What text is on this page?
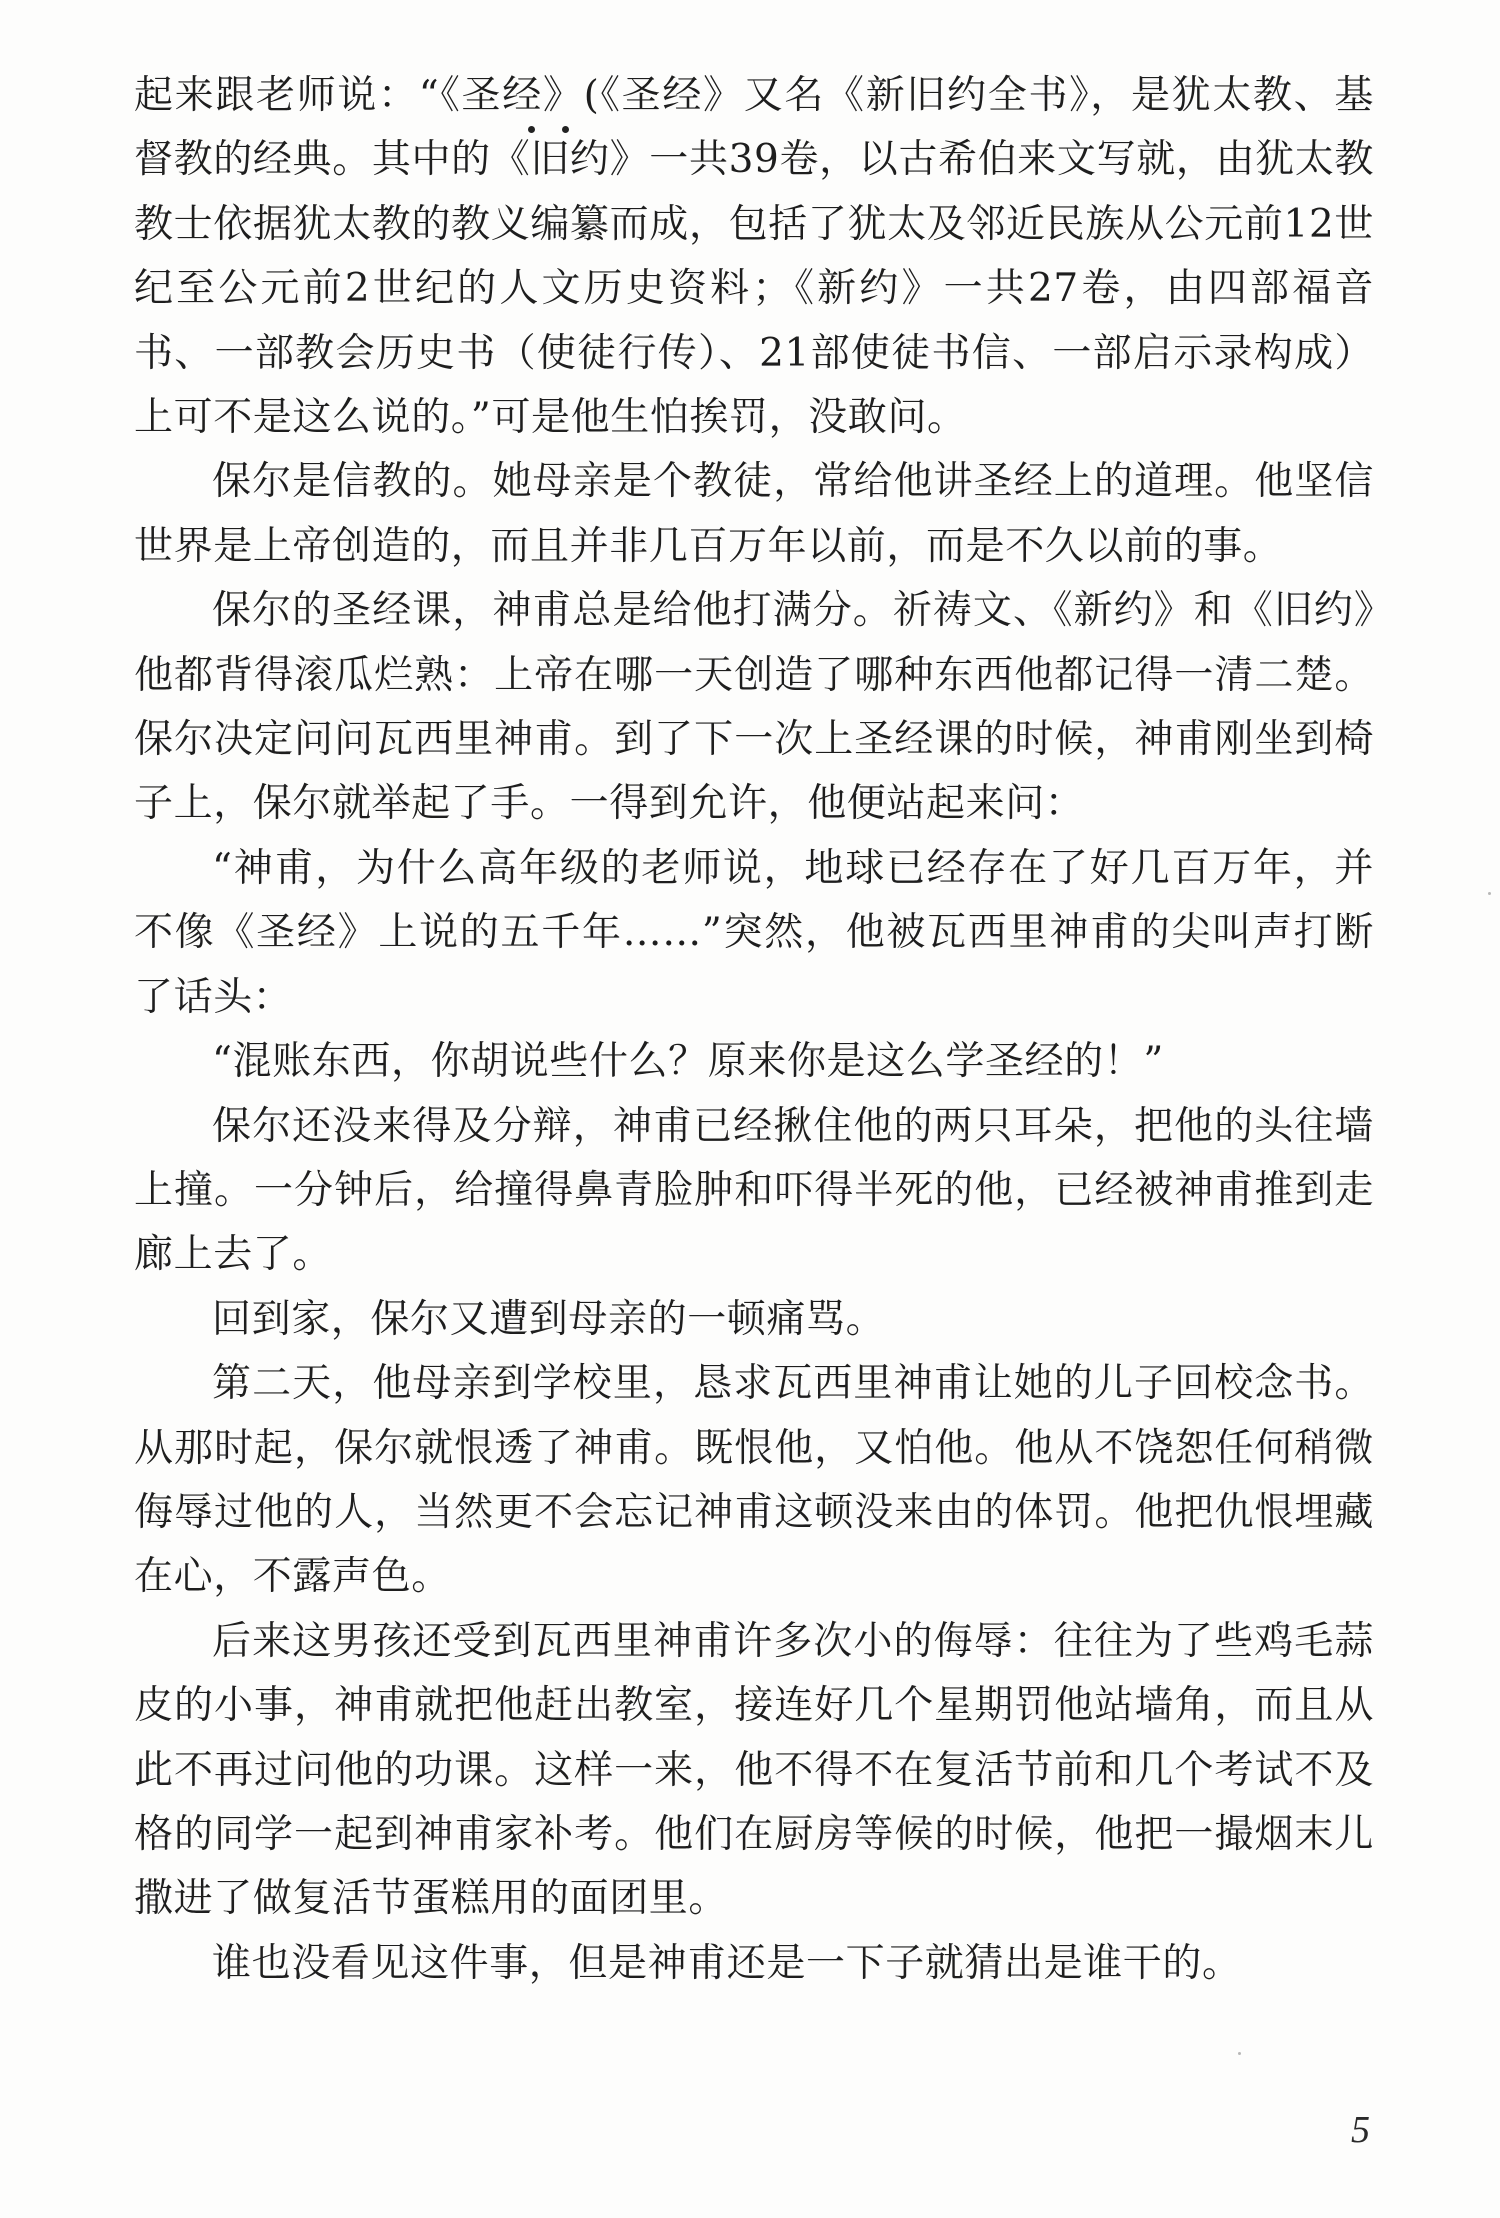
起来跟老师说：“《圣经》(《圣经》又名《新旧约全书》，是犹太教、基督教的经典。其中的《旧约》一共39卷，以古希伯来文写就，由犹太教教士依据犹太教的教义编纂而成，包括了犹太及邻近民族从公元前12世纪至公元前2世纪的人文历史资料；《新约》一共27卷，由四部福音书、一部教会历史书（使徒行传）、21部使徒书信、一部启示录构成）上可不是这么说的。”可是他生怕挨罚，没敢问。

保尔是信教的。她母亲是个教徒，常给他讲圣经上的道理。他坚信世界是上帝创造的，而且并非几百万年以前，而是不久以前的事。

保尔的圣经课，神甫总是给他打满分。祈祷文、《新约》和《旧约》他都背得滚瓜烂熟：上帝在哪一天创造了哪种东西他都记得一清二楚。保尔决定问问瓦西里神甫。到了下一次上圣经课的时候，神甫刚坐到椅子上，保尔就举起了手。一得到允许，他便站起来问：

“神甫，为什么高年级的老师说，地球已经存在了好几百万年，并不像《圣经》上说的五千年……”突然，他被瓦西里神甫的尖叫声打断了话头：

“混账东西，你胡说些什么？原来你是这么学圣经的！”

保尔还没来得及分辩，神甫已经揪住他的两只耳朵，把他的头往墙上撞。一分钟后，给撞得鼻青脸肿和吓得半死的他，已经被神甫推到走廊上去了。

回到家，保尔又遭到母亲的一顿痛骂。

第二天，他母亲到学校里，恳求瓦西里神甫让她的儿子回校念书。从那时起，保尔就恨透了神甫。既恨他，又怕他。他从不饶恕任何稍微侮辱过他的人，当然更不会忘记神甫这顿没来由的体罚。他把仇恨埋藏在心，不露声色。

后来这男孩还受到瓦西里神甫许多次小的侮辱：往往为了些鸡毛蒜皮的小事，神甫就把他赶出教室，接连好几个星期罚他站墙角，而且从此不再过问他的功课。这样一来，他不得不在复活节前和几个考试不及格的同学一起到神甫家补考。他们在厨房等候的时候，他把一撮烟末儿撒进了做复活节蛋糕用的面团里。

谁也没看见这件事，但是神甫还是一下子就猜出是谁干的。

5
